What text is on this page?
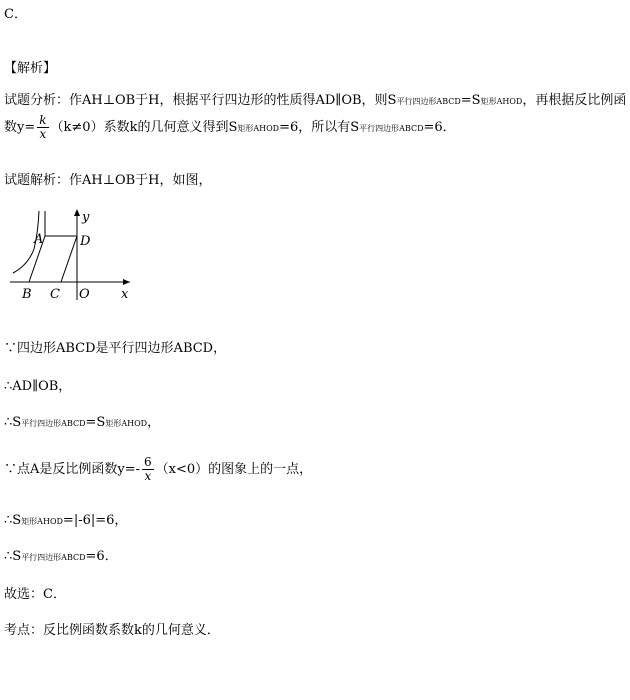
C．
【解析】
试题分析：作AH⊥OB于H，根据平行四边形的性质得AD∥OB，则S平行四边形ABCD=S矩形AHOD，再根据反比例函
数$y= \frac{k}{x} (k\ne 0)$系数k的几何意义得到S矩形AHOD=6，所以有S平行四边形ABCD=6．
试题解析：作AH⊥OB于H，如图，
y
A	D
B C O x
∵四边形ABCD是平行四边形ABCD，
∴AD∥OB，
∴S平行四边形ABCD=S矩形AHOD，
∵点A是反比例函数$y=- \frac{6}{x} (x<0)$的图象上的一点，
∴S矩形AHOD=|-6|=6，
∴S平行四边形ABCD=6．
故选：C．
考点：反比例函数系数k的几何意义．
